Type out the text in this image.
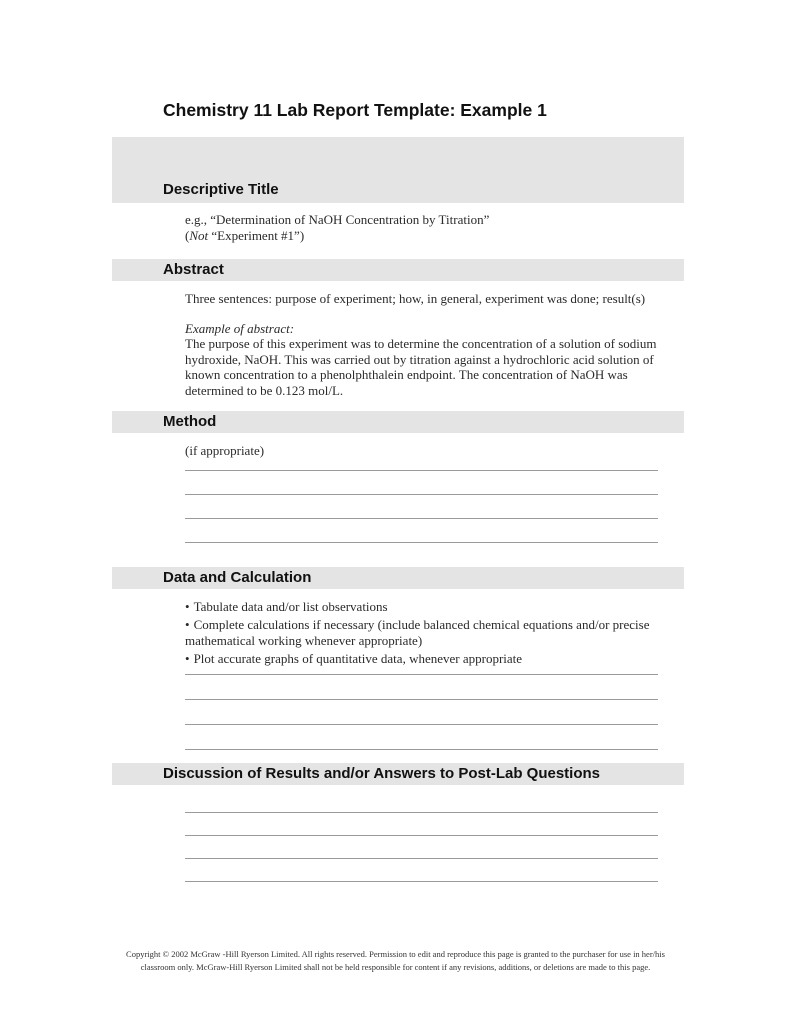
Chemistry 11 Lab Report Template: Example 1
Descriptive Title
e.g., “Determination of NaOH Concentration by Titration”
(Not “Experiment #1”)
Abstract
Three sentences: purpose of experiment; how, in general, experiment was done; result(s)
Example of abstract:
The purpose of this experiment was to determine the concentration of a solution of sodium
hydroxide, NaOH. This was carried out by titration against a hydrochloric acid solution of
known concentration to a phenolphthalein endpoint. The concentration of NaOH was
determined to be 0.123 mol/L.
Method
(if appropriate)
Data and Calculation
• Tabulate data and/or list observations
• Complete calculations if necessary (include balanced chemical equations and/or precise mathematical working whenever appropriate)
• Plot accurate graphs of quantitative data, whenever appropriate
Discussion of Results and/or Answers to Post-Lab Questions
Copyright © 2002 McGraw -Hill Ryerson Limited. All rights reserved. Permission to edit and reproduce this page is granted to the purchaser for use in her/his
classroom only. McGraw-Hill Ryerson Limited shall not be held responsible for content if any revisions, additions, or deletions are made to this page.
